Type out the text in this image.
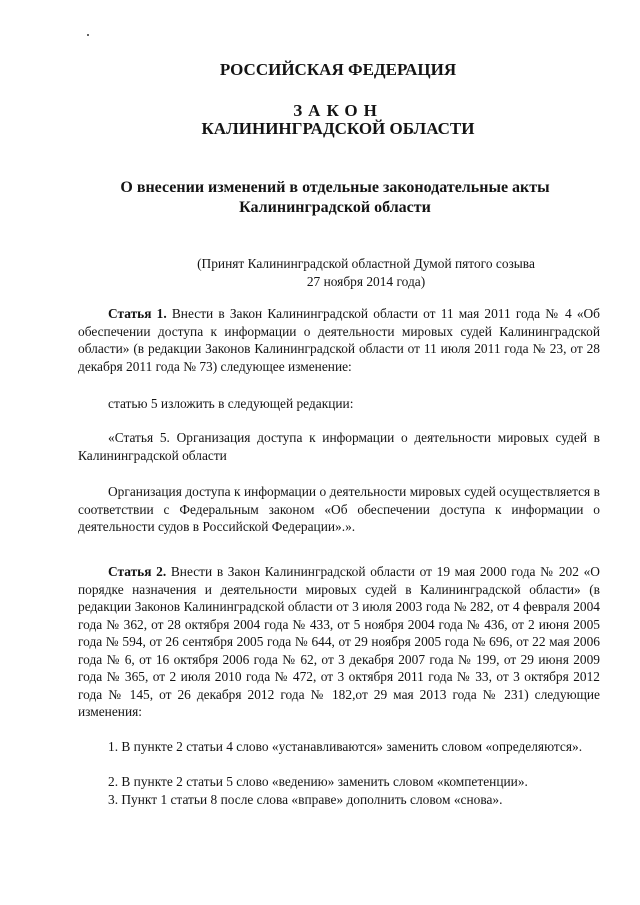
РОССИЙСКАЯ ФЕДЕРАЦИЯ
ЗАКОН
КАЛИНИНГРАДСКОЙ ОБЛАСТИ
О внесении изменений в отдельные законодательные акты
Калининградской области
(Принят Калининградской областной Думой пятого созыва
27 ноября 2014 года)
Статья 1. Внести в Закон Калининградской области от 11 мая 2011 года № 4 «Об обеспечении доступа к информации о деятельности мировых судей Калининградской области» (в редакции Законов Калининградской области от 11 июля 2011 года № 23, от 28 декабря 2011 года № 73) следующее изменение:
статью 5 изложить в следующей редакции:
«Статья 5. Организация доступа к информации о деятельности мировых судей в Калининградской области
Организация доступа к информации о деятельности мировых судей осуществляется в соответствии с Федеральным законом «Об обеспечении доступа к информации о деятельности судов в Российской Федерации».».
Статья 2. Внести в Закон Калининградской области от 19 мая 2000 года № 202 «О порядке назначения и деятельности мировых судей в Калининградской области» (в редакции Законов Калининградской области от 3 июля 2003 года № 282, от 4 февраля 2004 года № 362, от 28 октября 2004 года № 433, от 5 ноября 2004 года № 436, от 2 июня 2005 года № 594, от 26 сентября 2005 года № 644, от 29 ноября 2005 года № 696, от 22 мая 2006 года № 6, от 16 октября 2006 года № 62, от 3 декабря 2007 года № 199, от 29 июня 2009 года № 365, от 2 июля 2010 года № 472, от 3 октября 2011 года № 33, от 3 октября 2012 года № 145, от 26 декабря 2012 года № 182,от 29 мая 2013 года № 231) следующие изменения:
1. В пункте 2 статьи 4 слово «устанавливаются» заменить словом «определяются».
2. В пункте 2 статьи 5 слово «ведению» заменить словом «компетенции».
3. Пункт 1 статьи 8 после слова «вправе» дополнить словом «снова».
